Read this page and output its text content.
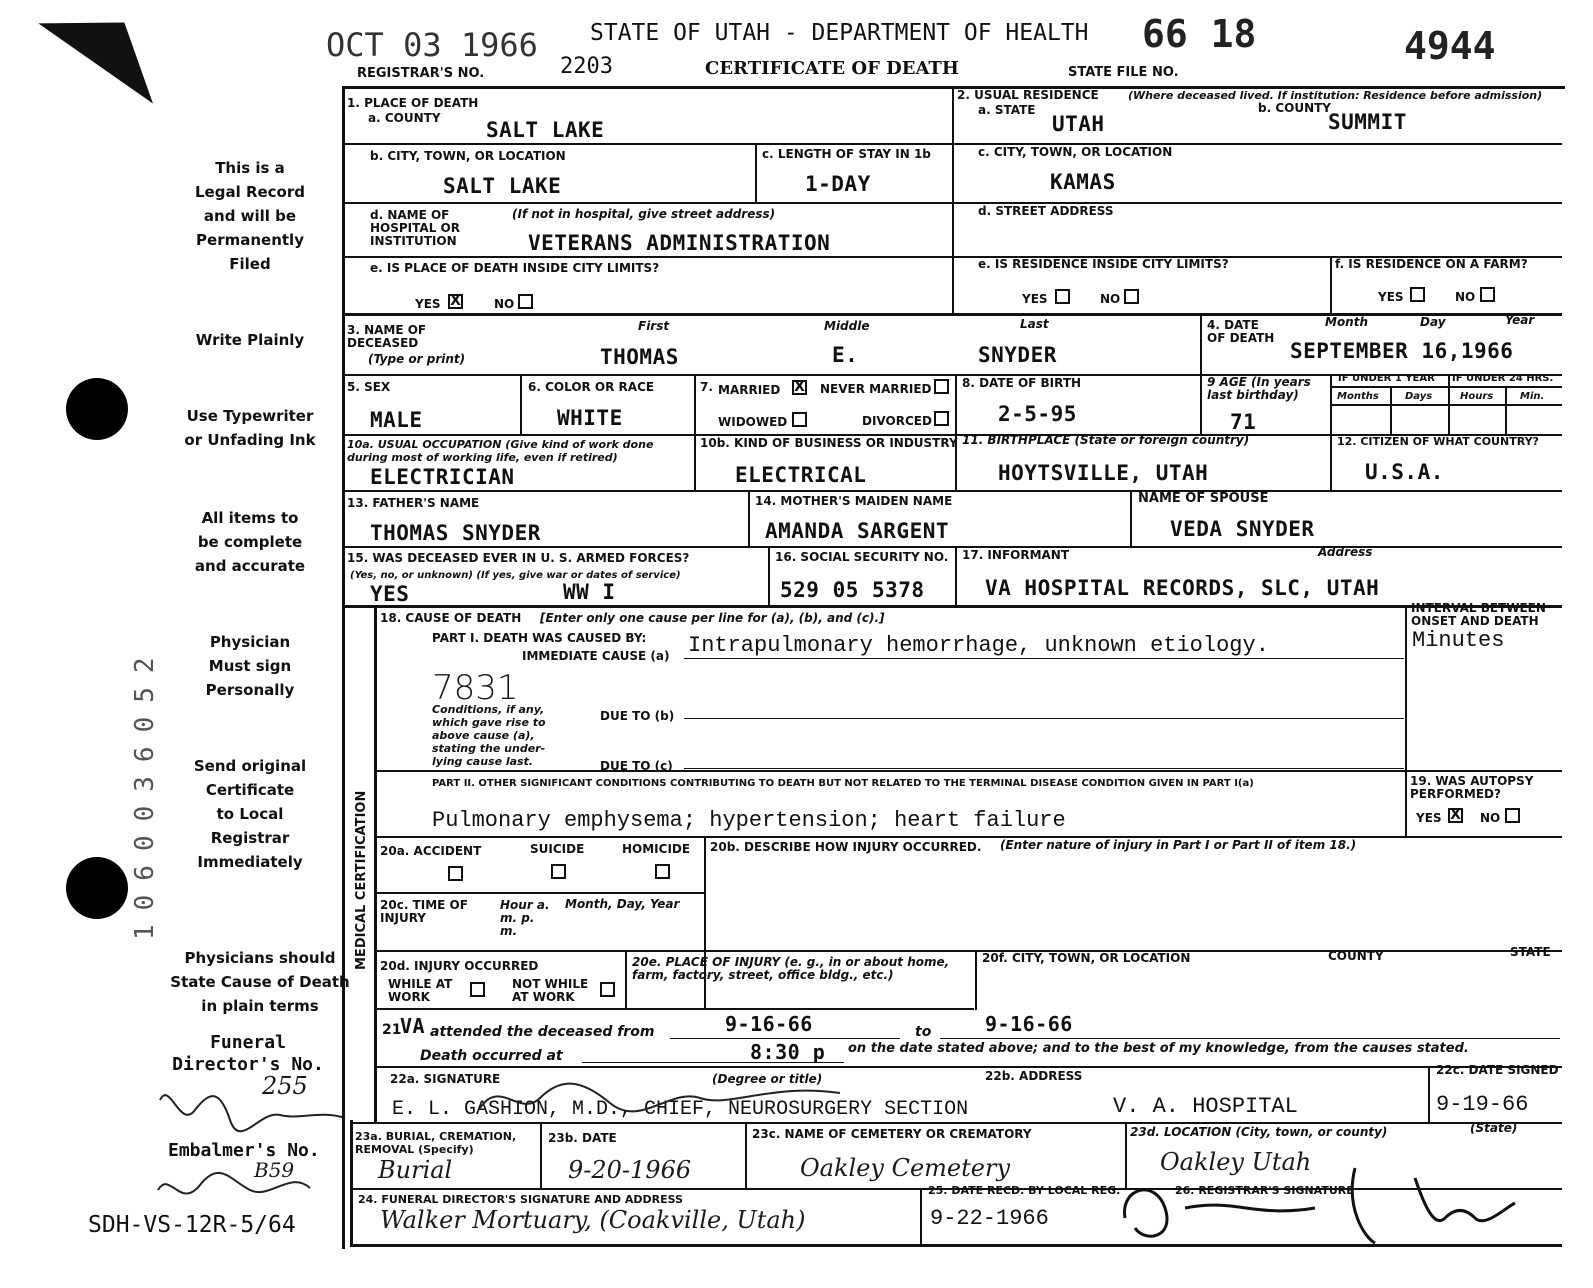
OCT 03 1966 STATE OF UTAH - DEPARTMENT OF HEALTH 66 18	4944
REGISTRAR'S NO.	2203	CERTIFICATE OF DEATH	STATE FILE NO.
This is a
Legal Record
and will be
Permanently
Filed
Write Plainly
Use Typewriter
or Unfading Ink
All items to
be complete
and accurate
Physician
Must sign
Personally
Send original
Certificate
to Local
Registrar
Immediately
Physicians should
State Cause of Death
in plain terms
1060036052
Funeral
Director's No.
255
Embalmer's No.
B59
SDH-VS-12R-5/64
1. PLACE OF DEATH
a. COUNTY SALT LAKE
2. USUAL RESIDENCE	(Where deceased lived. If institution: Residence before admission)
a. STATE	b. COUNTY
UTAH	SUMMIT
b. CITY, TOWN, OR LOCATION
SALT LAKE
c. LENGTH OF STAY IN 1b
1-DAY
c. CITY, TOWN, OR LOCATION
KAMAS
d. NAME OF HOSPITAL OR INSTITUTION
(If not in hospital, give street address)
VETERANS ADMINISTRATION
d. STREET ADDRESS
e. IS PLACE OF DEATH INSIDE CITY LIMITS?
YES X	NO
e. IS RESIDENCE INSIDE CITY LIMITS?
YES	NO
f. IS RESIDENCE ON A FARM?
YES	NO
3. NAME OF DECEASED
(Type or print)
First	Middle	Last
THOMAS	E.	SNYDER
4. DATE OF DEATH
Month	Day	Year
SEPTEMBER 16,1966
5. SEX
MALE
6. COLOR OR RACE
WHITE
7. MARRIED X NEVER MARRIED
WIDOWED	DIVORCED
8. DATE OF BIRTH
2-5-95
9 AGE (In years last birthday)
71
IF UNDER 1 YEAR IF UNDER 24 HRS.
Months	Days	Hours	Min.
10a. USUAL OCCUPATION (Give kind of work done during most of working life, even if retired)
ELECTRICIAN
10b. KIND OF BUSINESS OR INDUSTRY
ELECTRICAL
11. BIRTHPLACE (State or foreign country)
HOYTSVILLE, UTAH
12. CITIZEN OF WHAT COUNTRY?
U.S.A.
13. FATHER'S NAME
THOMAS SNYDER
14. MOTHER'S MAIDEN NAME
AMANDA SARGENT
NAME OF SPOUSE
VEDA SNYDER
15. WAS DECEASED EVER IN U. S. ARMED FORCES?
(Yes, no, or unknown) (If yes, give war or dates of service)
YES	WW I
16. SOCIAL SECURITY NO.
529 05 5378
17. INFORMANT	Address
VA HOSPITAL RECORDS, SLC, UTAH
MEDICAL CERTIFICATION
18. CAUSE OF DEATH [Enter only one cause per line for (a), (b), and (c).]
PART I. DEATH WAS CAUSED BY:
IMMEDIATE CAUSE (a) Intrapulmonary hemorrhage, unknown etiology.
INTERVAL BETWEEN ONSET AND DEATH
Minutes
7831
Conditions, if any, which gave rise to above cause (a), stating the under-lying cause last.
DUE TO (b)
DUE TO (c)
PART II. OTHER SIGNIFICANT CONDITIONS CONTRIBUTING TO DEATH BUT NOT RELATED TO THE TERMINAL DISEASE CONDITION GIVEN IN PART I(a)
Pulmonary emphysema; hypertension; heart failure
19. WAS AUTOPSY PERFORMED?
YES X NO
20a. ACCIDENT	SUICIDE	HOMICIDE 20b. DESCRIBE HOW INJURY OCCURRED. (Enter nature of injury in Part I or Part II of item 18.)
20c. TIME OF INJURY
Hour a. m. p. m.
Month, Day, Year
20d. INJURY OCCURRED
WHILE AT WORK
NOT WHILE AT WORK
20e. PLACE OF INJURY (e. g., in or about home, farm, factory, street, office bldg., etc.)
20f. CITY, TOWN, OR LOCATION	COUNTY	STATE
21
VA attended the deceased from	9-16-66	to	9-16-66
Death occurred at	8:30 p on the date stated above; and to the best of my knowledge, from the causes stated.
22a. SIGNATURE	(Degree or title)
E. L. GASHION, M.D., CHIEF, NEUROSURGERY SECTION
22b. ADDRESS
V. A. HOSPITAL
22c. DATE SIGNED
9-19-66
23a. BURIAL, CREMATION, REMOVAL (Specify)
Burial
23b. DATE
9-20-1966
23c. NAME OF CEMETERY OR CREMATORY
Oakley Cemetery
23d. LOCATION (City, town, or county)	(State)
Oakley Utah
24. FUNERAL DIRECTOR'S SIGNATURE AND ADDRESS
Walker Mortuary, (Coakville, Utah)
25. DATE RECD. BY LOCAL REG.
9-22-1966
26. REGISTRAR'S SIGNATURE
